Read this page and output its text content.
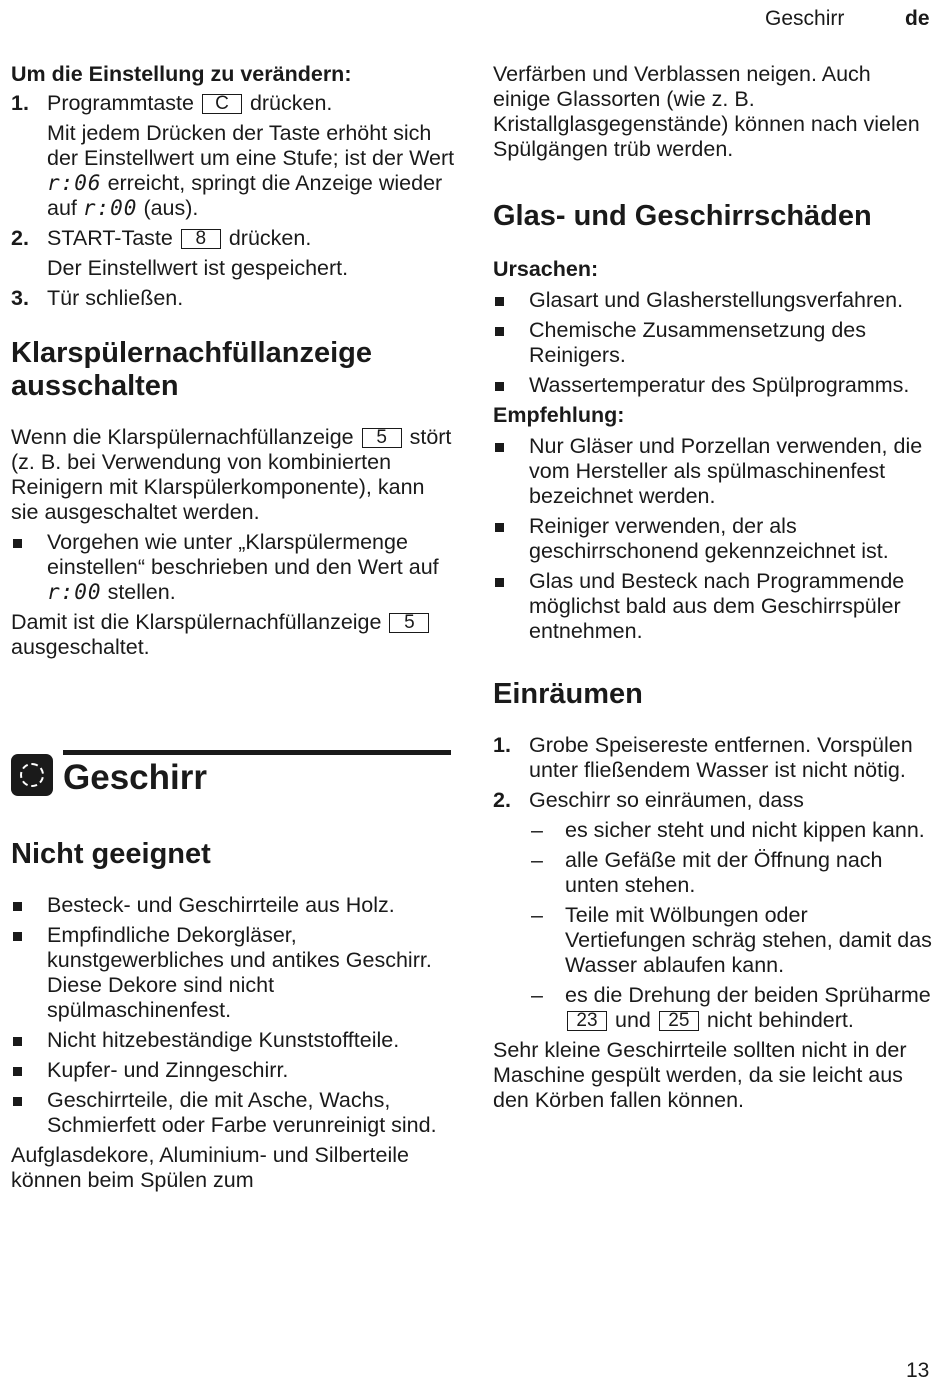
Geschirr	de

Um die Einstellung zu verändern:

1. Programmtaste C drücken.
Mit jedem Drücken der Taste erhöht sich der Einstellwert um eine Stufe; ist der Wert r:06 erreicht, springt die Anzeige wieder auf r:00 (aus).
2. START-Taste 8 drücken.
Der Einstellwert ist gespeichert.
3. Tür schließen.

Klarspülernachfüllanzeige ausschalten

Wenn die Klarspülernachfüllanzeige 5 stört (z. B. bei Verwendung von kombinierten Reinigern mit Klarspülerkomponente), kann sie ausgeschaltet werden.

Vorgehen wie unter „Klarspülermenge einstellen“ beschrieben und den Wert auf r:00 stellen.

Damit ist die Klarspülernachfüllanzeige 5 ausgeschaltet.

Geschirr

Nicht geeignet

Besteck- und Geschirrteile aus Holz.
Empfindliche Dekorgläser, kunstgewerbliches und antikes Geschirr. Diese Dekore sind nicht spülmaschinenfest.
Nicht hitzebeständige Kunststoffteile.
Kupfer- und Zinngeschirr.
Geschirrteile, die mit Asche, Wachs, Schmierfett oder Farbe verunreinigt sind.

Aufglasdekore, Aluminium- und Silberteile können beim Spülen zum

Verfärben und Verblassen neigen. Auch einige Glassorten (wie z. B. Kristallglasgegenstände) können nach vielen Spülgängen trüb werden.

Glas- und Geschirrschäden

Ursachen:

Glasart und Glasherstellungsverfahren.
Chemische Zusammensetzung des Reinigers.
Wassertemperatur des Spülprogramms.

Empfehlung:

Nur Gläser und Porzellan verwenden, die vom Hersteller als spülmaschinenfest bezeichnet werden.
Reiniger verwenden, der als geschirrschonend gekennzeichnet ist.
Glas und Besteck nach Programmende möglichst bald aus dem Geschirrspüler entnehmen.

Einräumen

1. Grobe Speisereste entfernen. Vorspülen unter fließendem Wasser ist nicht nötig.
2. Geschirr so einräumen, dass
– es sicher steht und nicht kippen kann.
– alle Gefäße mit der Öffnung nach unten stehen.
– Teile mit Wölbungen oder Vertiefungen schräg stehen, damit das Wasser ablaufen kann.
– es die Drehung der beiden Sprüharme 23 und 25 nicht behindert.

Sehr kleine Geschirrteile sollten nicht in der Maschine gespült werden, da sie leicht aus den Körben fallen können.

13
